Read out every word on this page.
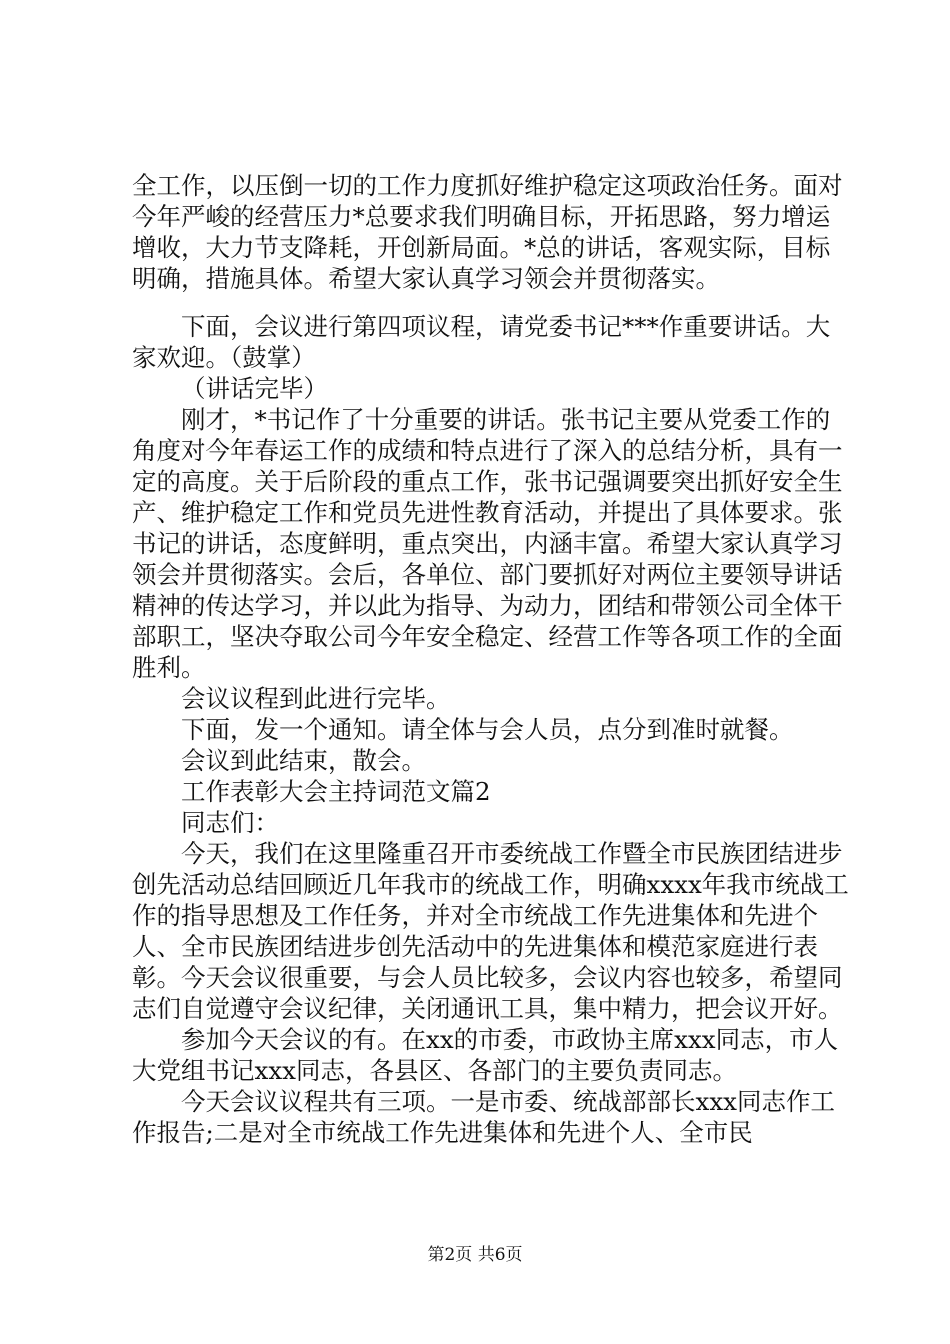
全工作，以压倒一切的工作力度抓好维护稳定这项政治任务。面对今年严峻的经营压力*总要求我们明确目标，开拓思路，努力增运增收，大力节支降耗，开创新局面。*总的讲话，客观实际，目标明确，措施具体。希望大家认真学习领会并贯彻落实。

下面，会议进行第四项议程，请党委书记***作重要讲话。大家欢迎。（鼓掌）

（讲话完毕）

刚才，*书记作了十分重要的讲话。张书记主要从党委工作的角度对今年春运工作的成绩和特点进行了深入的总结分析，具有一定的高度。关于后阶段的重点工作，张书记强调要突出抓好安全生产、维护稳定工作和党员先进性教育活动，并提出了具体要求。张书记的讲话，态度鲜明，重点突出，内涵丰富。希望大家认真学习领会并贯彻落实。会后，各单位、部门要抓好对两位主要领导讲话精神的传达学习，并以此为指导、为动力，团结和带领公司全体干部职工，坚决夺取公司今年安全稳定、经营工作等各项工作的全面胜利。

会议议程到此进行完毕。

下面，发一个通知。请全体与会人员，点分到准时就餐。

会议到此结束，散会。

工作表彰大会主持词范文篇2

同志们：

今天，我们在这里隆重召开市委统战工作暨全市民族团结进步创先活动总结回顾近几年我市的统战工作，明确xxxx年我市统战工作的指导思想及工作任务，并对全市统战工作先进集体和先进个人、全市民族团结进步创先活动中的先进集体和模范家庭进行表彰。今天会议很重要，与会人员比较多，会议内容也较多，希望同志们自觉遵守会议纪律，关闭通讯工具，集中精力，把会议开好。

参加今天会议的有。在xx的市委，市政协主席xxx同志，市人大党组书记xxx同志，各县区、各部门的主要负责同志。

今天会议议程共有三项。一是市委、统战部部长xxx同志作工作报告;二是对全市统战工作先进集体和先进个人、全市民

第2页 共6页
